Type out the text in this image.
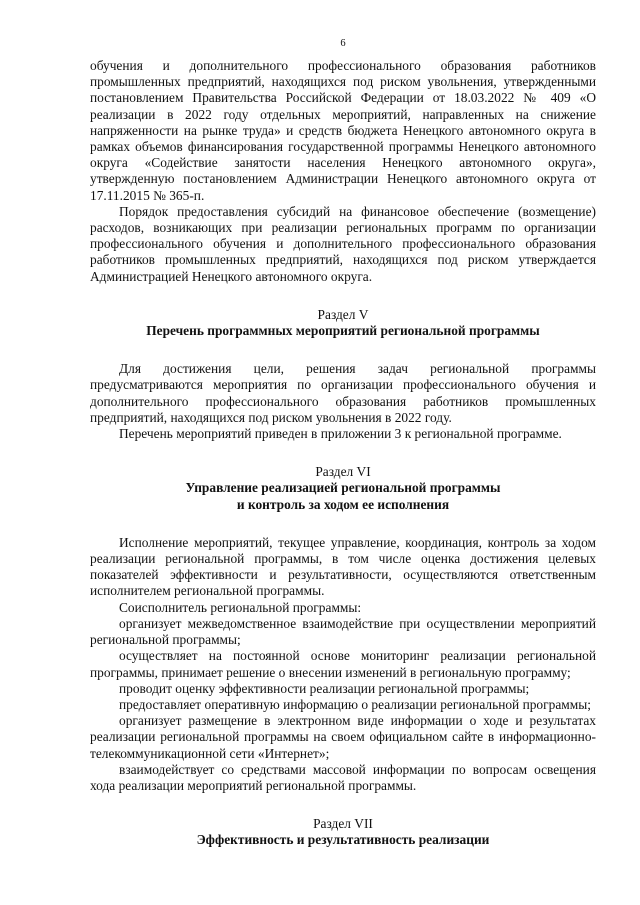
6

обучения и дополнительного профессионального образования работников промышленных предприятий, находящихся под риском увольнения, утвержденными постановлением Правительства Российской Федерации от 18.03.2022 № 409 «О реализации в 2022 году отдельных мероприятий, направленных на снижение напряженности на рынке труда» и средств бюджета Ненецкого автономного округа в рамках объемов финансирования государственной программы Ненецкого автономного округа «Содействие занятости населения Ненецкого автономного округа», утвержденную постановлением Администрации Ненецкого автономного округа от 17.11.2015 № 365-п.

Порядок предоставления субсидий на финансовое обеспечение (возмещение) расходов, возникающих при реализации региональных программ по организации профессионального обучения и дополнительного профессионального образования работников промышленных предприятий, находящихся под риском утверждается Администрацией Ненецкого автономного округа.

Раздел V
Перечень программных мероприятий региональной программы

Для достижения цели, решения задач региональной программы предусматриваются мероприятия по организации профессионального обучения и дополнительного профессионального образования работников промышленных предприятий, находящихся под риском увольнения в 2022 году.

Перечень мероприятий приведен в приложении 3 к региональной программе.

Раздел VI
Управление реализацией региональной программы
и контроль за ходом ее исполнения

Исполнение мероприятий, текущее управление, координация, контроль за ходом реализации региональной программы, в том числе оценка достижения целевых показателей эффективности и результативности, осуществляются ответственным исполнителем региональной программы.

Соисполнитель региональной программы:

организует межведомственное взаимодействие при осуществлении мероприятий региональной программы;

осуществляет на постоянной основе мониторинг реализации региональной программы, принимает решение о внесении изменений в региональную программу;

проводит оценку эффективности реализации региональной программы;

предоставляет оперативную информацию о реализации региональной программы;

организует размещение в электронном виде информации о ходе и результатах реализации региональной программы на своем официальном сайте в информационно-телекоммуникационной сети «Интернет»;

взаимодействует со средствами массовой информации по вопросам освещения хода реализации мероприятий региональной программы.

Раздел VII
Эффективность и результативность реализации
